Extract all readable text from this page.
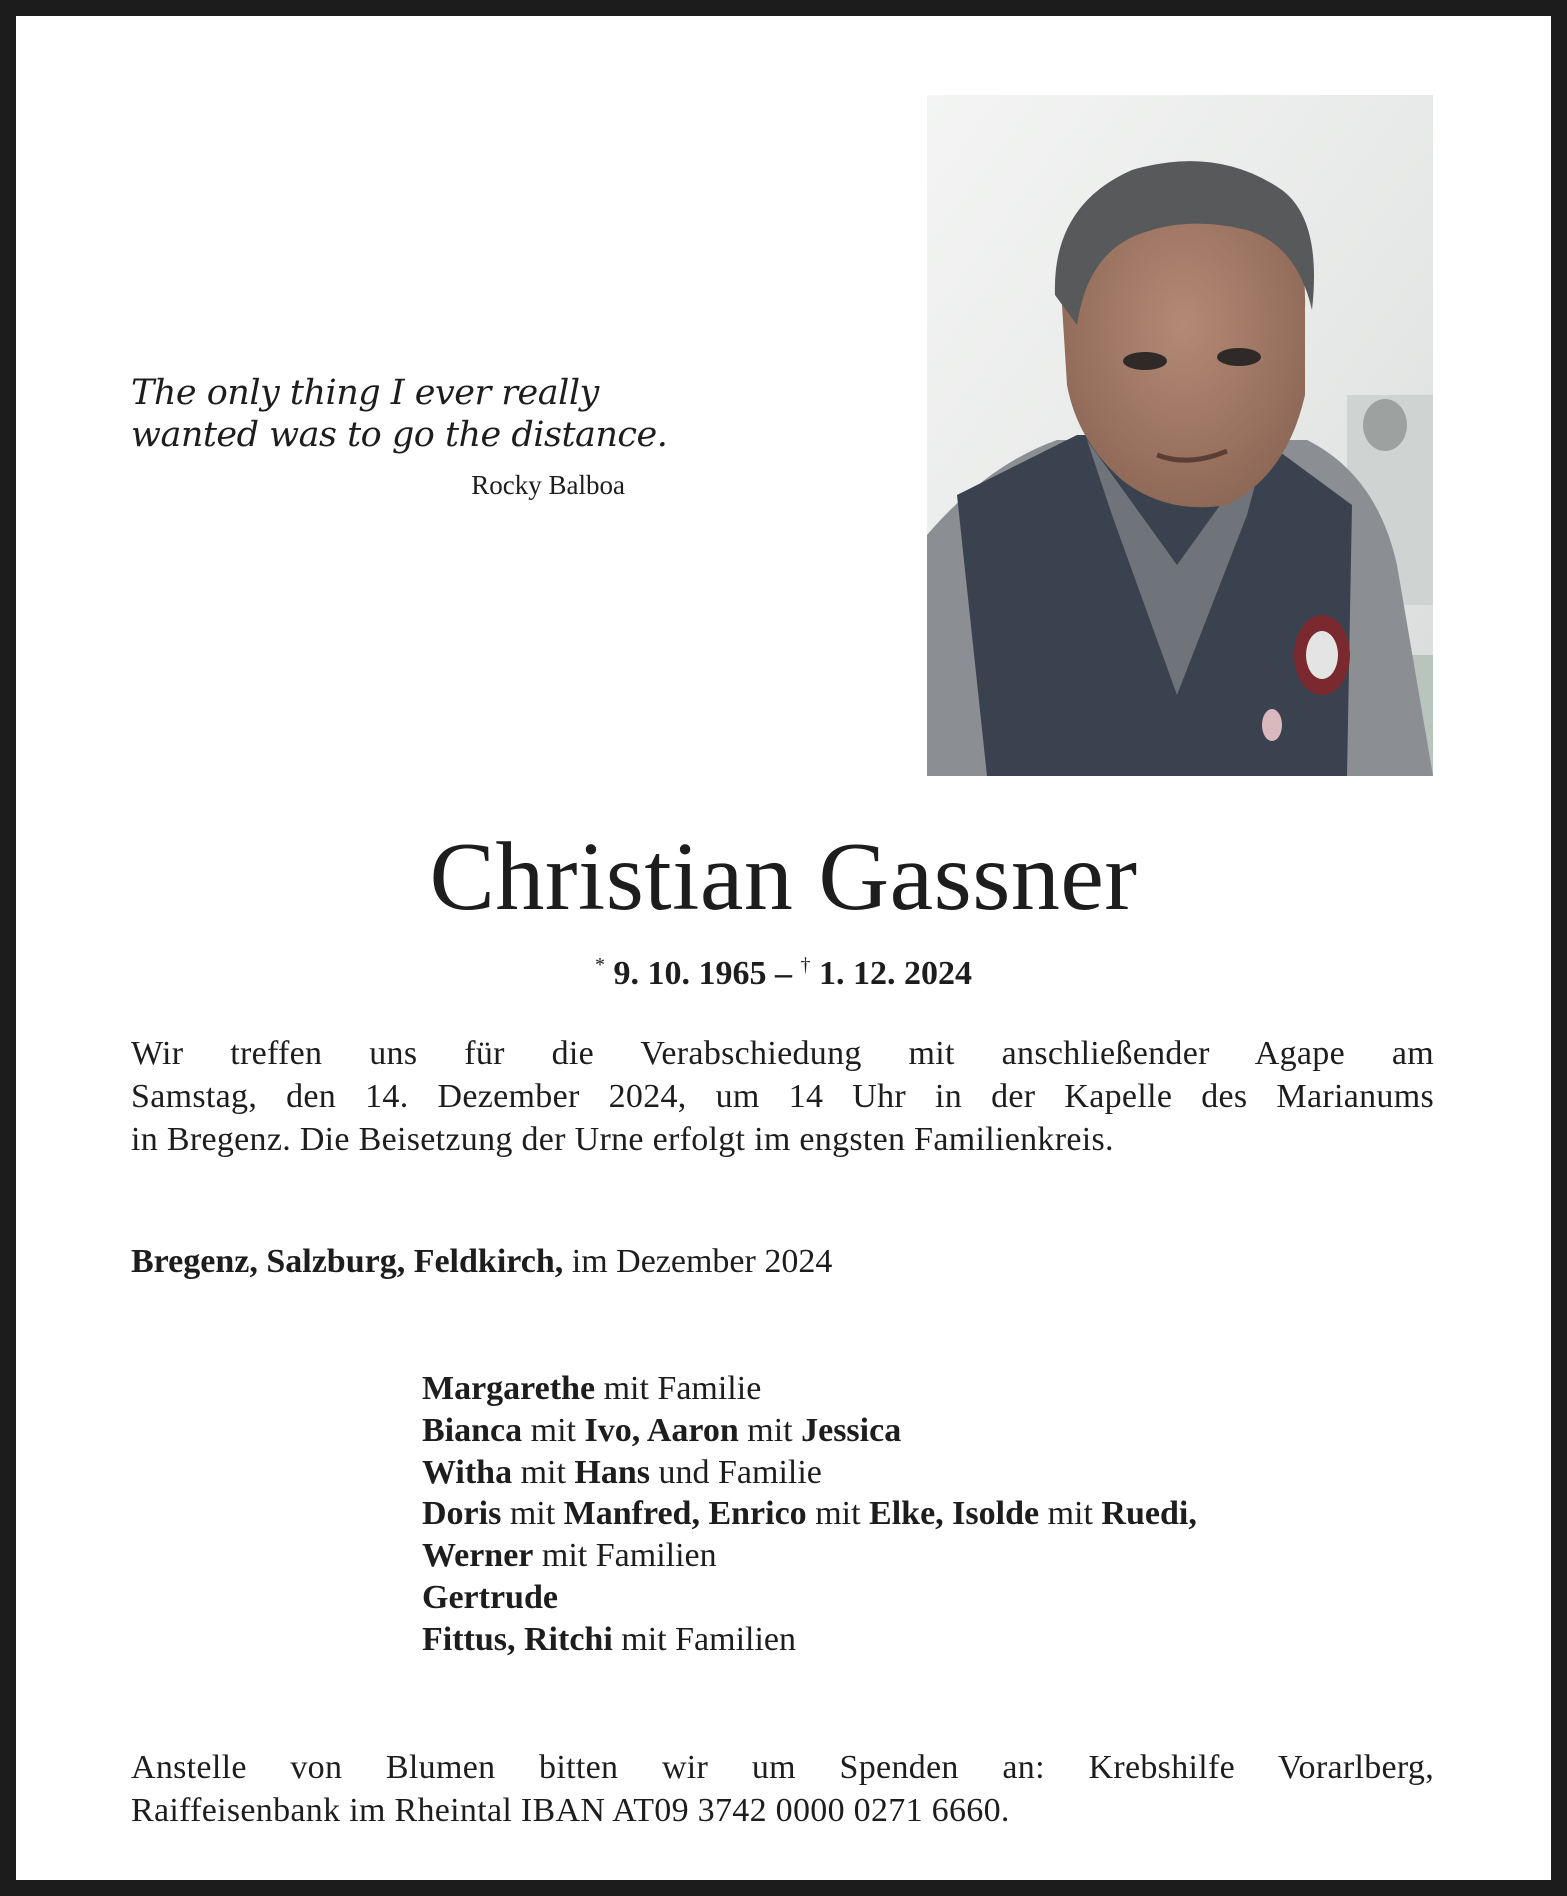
The only thing I ever really
wanted was to go the distance.
Rocky Balboa
Christian Gassner
* 9. 10. 1965 – † 1. 12. 2024
Wir treffen uns für die Verabschiedung mit anschließender Agape am
Samstag, den 14. Dezember 2024, um 14 Uhr in der Kapelle des Marianums
in Bregenz. Die Beisetzung der Urne erfolgt im engsten Familienkreis.
Bregenz, Salzburg, Feldkirch, im Dezember 2024
Margarethe mit Familie
Bianca mit Ivo, Aaron mit Jessica
Witha mit Hans und Familie
Doris mit Manfred, Enrico mit Elke, Isolde mit Ruedi,
Werner mit Familien
Gertrude
Fittus, Ritchi mit Familien
Anstelle von Blumen bitten wir um Spenden an: Krebshilfe Vorarlberg,
Raiffeisenbank im Rheintal IBAN AT09 3742 0000 0271 6660.
